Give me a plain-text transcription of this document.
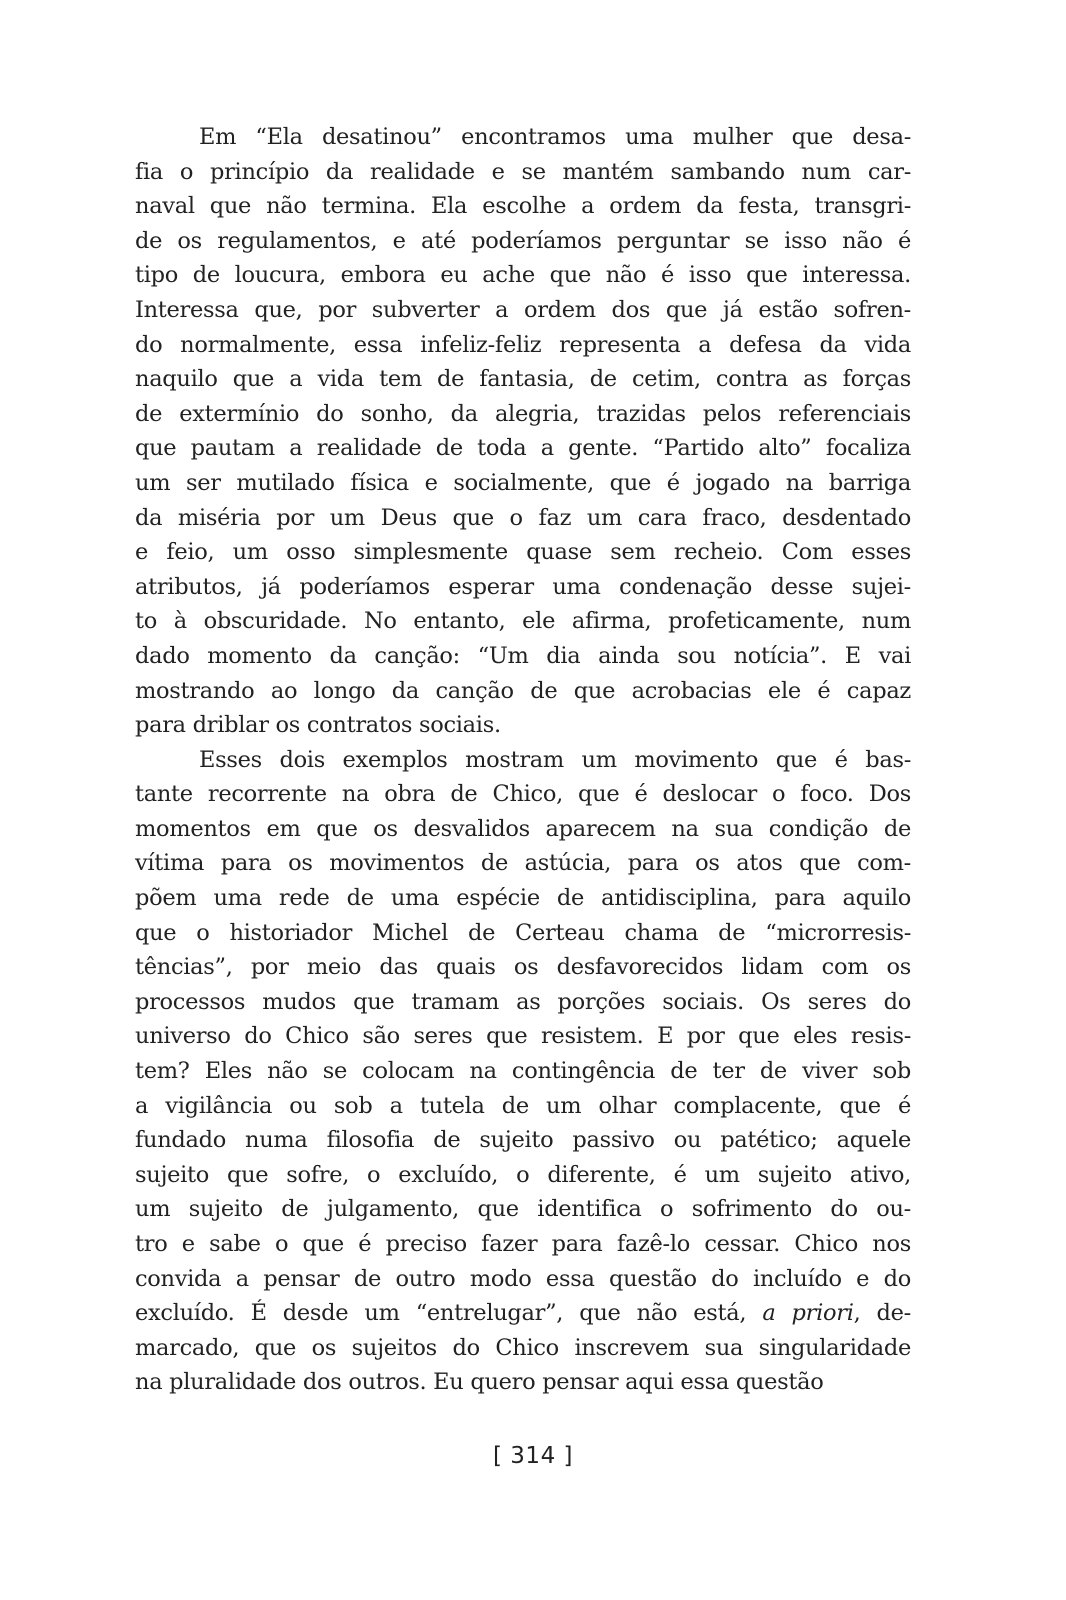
Em “Ela desatinou” encontramos uma mulher que desa-
fia o princípio da realidade e se mantém sambando num car-
naval que não termina. Ela escolhe a ordem da festa, transgri-
de os regulamentos, e até poderíamos perguntar se isso não é
tipo de loucura, embora eu ache que não é isso que interessa.
Interessa que, por subverter a ordem dos que já estão sofren-
do normalmente, essa infeliz-feliz representa a defesa da vida
naquilo que a vida tem de fantasia, de cetim, contra as forças
de extermínio do sonho, da alegria, trazidas pelos referenciais
que pautam a realidade de toda a gente. “Partido alto” focaliza
um ser mutilado física e socialmente, que é jogado na barriga
da miséria por um Deus que o faz um cara fraco, desdentado
e feio, um osso simplesmente quase sem recheio. Com esses
atributos, já poderíamos esperar uma condenação desse sujei-
to à obscuridade. No entanto, ele afirma, profeticamente, num
dado momento da canção: “Um dia ainda sou notícia”. E vai
mostrando ao longo da canção de que acrobacias ele é capaz
para driblar os contratos sociais.
Esses dois exemplos mostram um movimento que é bas-
tante recorrente na obra de Chico, que é deslocar o foco. Dos
momentos em que os desvalidos aparecem na sua condição de
vítima para os movimentos de astúcia, para os atos que com-
põem uma rede de uma espécie de antidisciplina, para aquilo
que o historiador Michel de Certeau chama de “microrresis-
tências”, por meio das quais os desfavorecidos lidam com os
processos mudos que tramam as porções sociais. Os seres do
universo do Chico são seres que resistem. E por que eles resis-
tem? Eles não se colocam na contingência de ter de viver sob
a vigilância ou sob a tutela de um olhar complacente, que é
fundado numa filosofia de sujeito passivo ou patético; aquele
sujeito que sofre, o excluído, o diferente, é um sujeito ativo,
um sujeito de julgamento, que identifica o sofrimento do ou-
tro e sabe o que é preciso fazer para fazê-lo cessar. Chico nos
convida a pensar de outro modo essa questão do incluído e do
excluído. É desde um “entrelugar”, que não está, a priori, de-
marcado, que os sujeitos do Chico inscrevem sua singularidade
na pluralidade dos outros. Eu quero pensar aqui essa questão
[ 314 ]
